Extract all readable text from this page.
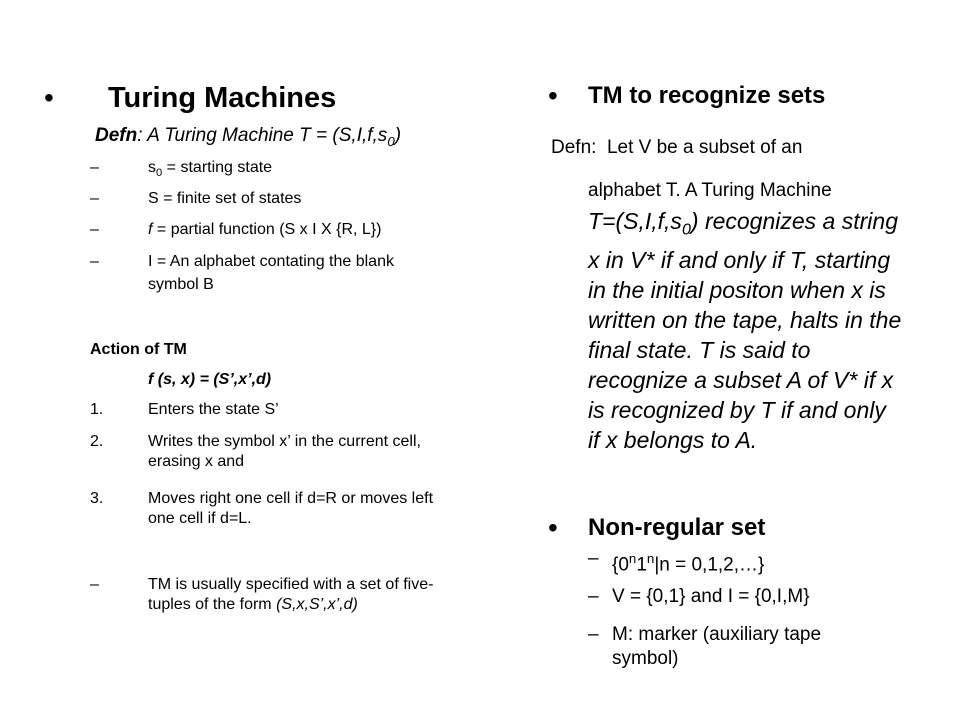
• Turing Machines
Defn: A Turing Machine $T = (S,I,f,s_0)$
–	$s_0$ = starting state
–	S = finite set of states
–	f = partial function (S x I X {R, L})
–	I = An alphabet contating the blank
symbol B
Action of TM
f (s, x) = (S’,x’,d)
1.	Enters the state S’
2.	Writes the symbol x’ in the current cell,
erasing x and
3.	Moves right one cell if d=R or moves left
one cell if d=L.
–	TM is usually specified with a set of five-
tuples of the form (S,x,S’,x’,d)
• TM to recognize sets
Defn:  Let V be a subset of an
alphabet T. A Turing Machine
$T=(S,I,f,s_0)$ recognizes a string
x in V* if and only if T, starting
in the initial positon when x is
written on the tape, halts in the
final state. T is said to
recognize a subset A of V* if x
is recognized by T if and only
if x belongs to A.
• Non-regular set
– {$0^n1^n|n$ = 0,1,2,…}
– V = {0,1} and I = {0,I,M}
– M: marker (auxiliary tape
symbol)
